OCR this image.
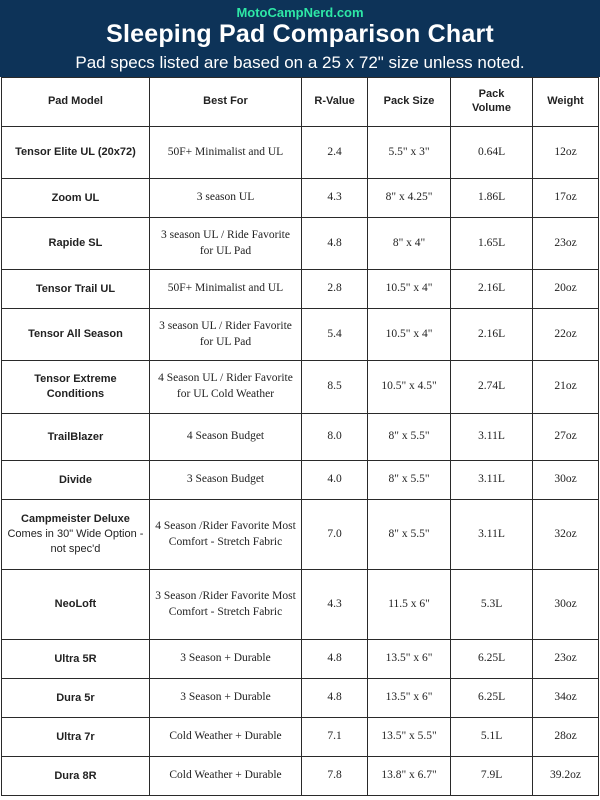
MotoCampNerd.com
Sleeping Pad Comparison Chart
Pad specs listed are based on a 25 x 72" size unless noted.
Pad Model	Best For	R-Value	Pack Size	Pack Volume	Weight

Tensor Elite UL (20x72)	50F+ Minimalist and UL	2.4	5.5" x 3"	0.64L	12oz

Zoom UL	3 season UL	4.3	8" x 4.25"	1.86L	17oz

Rapide SL	3 season UL / Ride Favorite for UL Pad	4.8	8" x 4"	1.65L	23oz

Tensor Trail UL	50F+ Minimalist and UL	2.8	10.5" x 4"	2.16L	20oz

Tensor All Season	3 season UL / Rider Favorite for UL Pad	5.4	10.5" x 4"	2.16L	22oz

Tensor Extreme Conditions	4 Season UL / Rider Favorite for UL Cold Weather	8.5	10.5" x 4.5"	2.74L	21oz

TrailBlazer	4 Season Budget	8.0	8" x 5.5"	3.11L	27oz

Divide	3 Season Budget	4.0	8" x 5.5"	3.11L	30oz

Campmeister Deluxe
Comes in 30" Wide Option - not spec'd	4 Season /Rider Favorite Most Comfort - Stretch Fabric	7.0	8" x 5.5"	3.11L	32oz

NeoLoft	3 Season /Rider Favorite Most Comfort - Stretch Fabric	4.3	11.5 x 6"	5.3L	30oz

Ultra 5R	3 Season + Durable	4.8	13.5" x 6"	6.25L	23oz

Dura 5r	3 Season + Durable	4.8	13.5" x 6"	6.25L	34oz

Ultra 7r	Cold Weather + Durable	7.1	13.5" x 5.5"	5.1L	28oz

Dura 8R	Cold Weather + Durable	7.8	13.8" x 6.7"	7.9L	39.2oz
